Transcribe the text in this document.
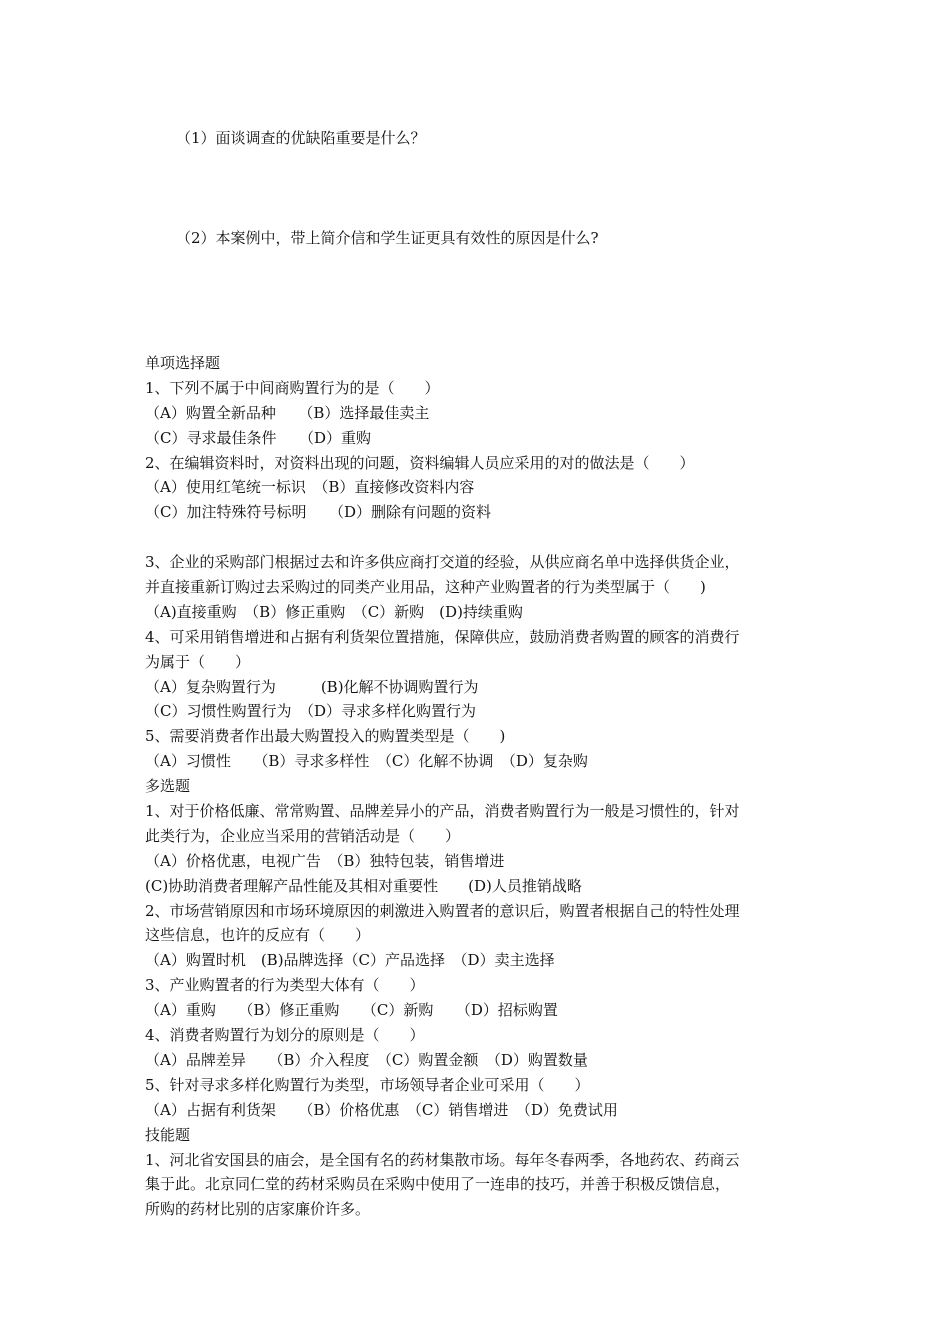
（1）面谈调查的优缺陷重要是什么？
（2）本案例中，带上简介信和学生证更具有效性的原因是什么?
单项选择题
1、下列不属于中间商购置行为的是（　　）
（A）购置全新品种　　（B）选择最佳卖主
（C）寻求最佳条件　　（D）重购
2、在编辑资料时，对资料出现的问题，资料编辑人员应采用的对的做法是（　　）
（A）使用红笔统一标识　（B）直接修改资料内容
（C）加注特殊符号标明　　（D）删除有问题的资料
3、企业的采购部门根据过去和许多供应商打交道的经验，从供应商名单中选择供货企业，
并直接重新订购过去采购过的同类产业用品，这种产业购置者的行为类型属于（　　)
（A)直接重购　（B）修正重购　（C）新购　(D)持续重购
4、可采用销售增进和占据有利货架位置措施，保障供应，鼓励消费者购置的顾客的消费行
为属于（　　）
（A）复杂购置行为　　　(B)化解不协调购置行为
（C）习惯性购置行为　（D）寻求多样化购置行为
5、需要消费者作出最大购置投入的购置类型是（　　)
（A）习惯性　　（B）寻求多样性　（C）化解不协调　（D）复杂购
多选题
1、对于价格低廉、常常购置、品牌差异小的产品，消费者购置行为一般是习惯性的，针对
此类行为，企业应当采用的营销活动是（　　）
（A）价格优惠，电视广告　（B）独特包装，销售增进
(C)协助消费者理解产品性能及其相对重要性　　(D)人员推销战略
2、市场营销原因和市场环境原因的刺激进入购置者的意识后，购置者根据自己的特性处理
这些信息，也许的反应有（　　）
（A）购置时机　(B)品牌选择（C）产品选择　（D）卖主选择
3、产业购置者的行为类型大体有（　　）
（A）重购　　（B）修正重购　　（C）新购　　（D）招标购置
4、消费者购置行为划分的原则是（　　）
（A）品牌差异　　（B）介入程度　（C）购置金额　（D）购置数量
5、针对寻求多样化购置行为类型，市场领导者企业可采用（　　）
（A）占据有利货架　　（B）价格优惠　（C）销售增进　（D）免费试用
技能题
1、河北省安国县的庙会，是全国有名的药材集散市场。每年冬春两季，各地药农、药商云
集于此。北京同仁堂的药材采购员在采购中使用了一连串的技巧，并善于积极反馈信息，
所购的药材比别的店家廉价许多。
